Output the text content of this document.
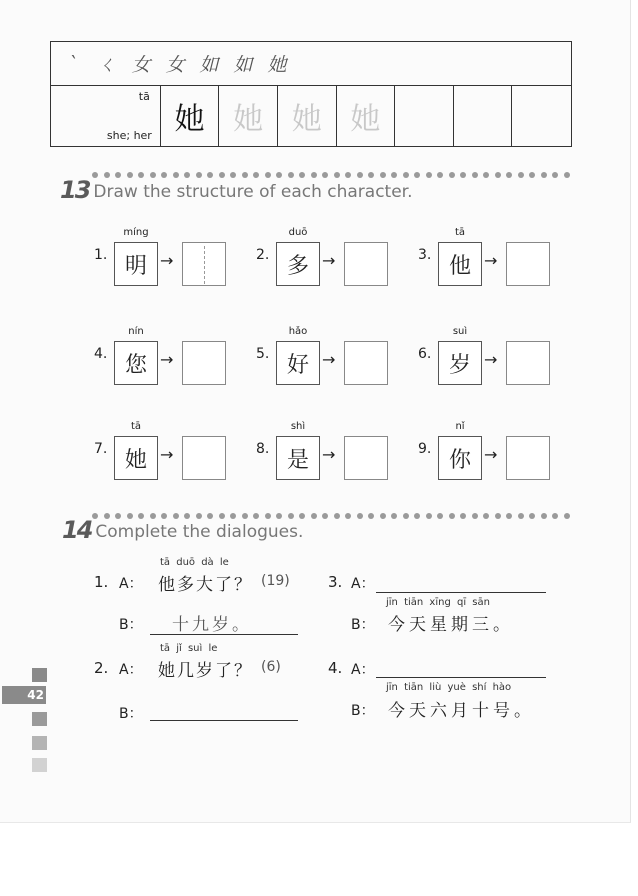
ˋ	ㄑ 女 女 如 如 她
tā
she; her 她 她 她 她
13 Draw the structure of each character.
1.
míng
明 →	2.
duō
多 →	3.
tā
他 →
4.
nín
您 →	5.
hǎo
好 →	6.
suì
岁 →
7.
tā
她 →	8.
shì
是 →	9.
nǐ
你 →
14 Complete the dialogues.
1. A：
tā duō dà le
他多大了？ (19)
B： 十九岁。
2. A：
tā jǐ suì le
她几岁了？ (6)
B：
3. A：
jīn tiān xīng qī sān
B： 今天星期三。
4. A：
jīn tiān liù yuè shí hào
B： 今天六月十号。
42
